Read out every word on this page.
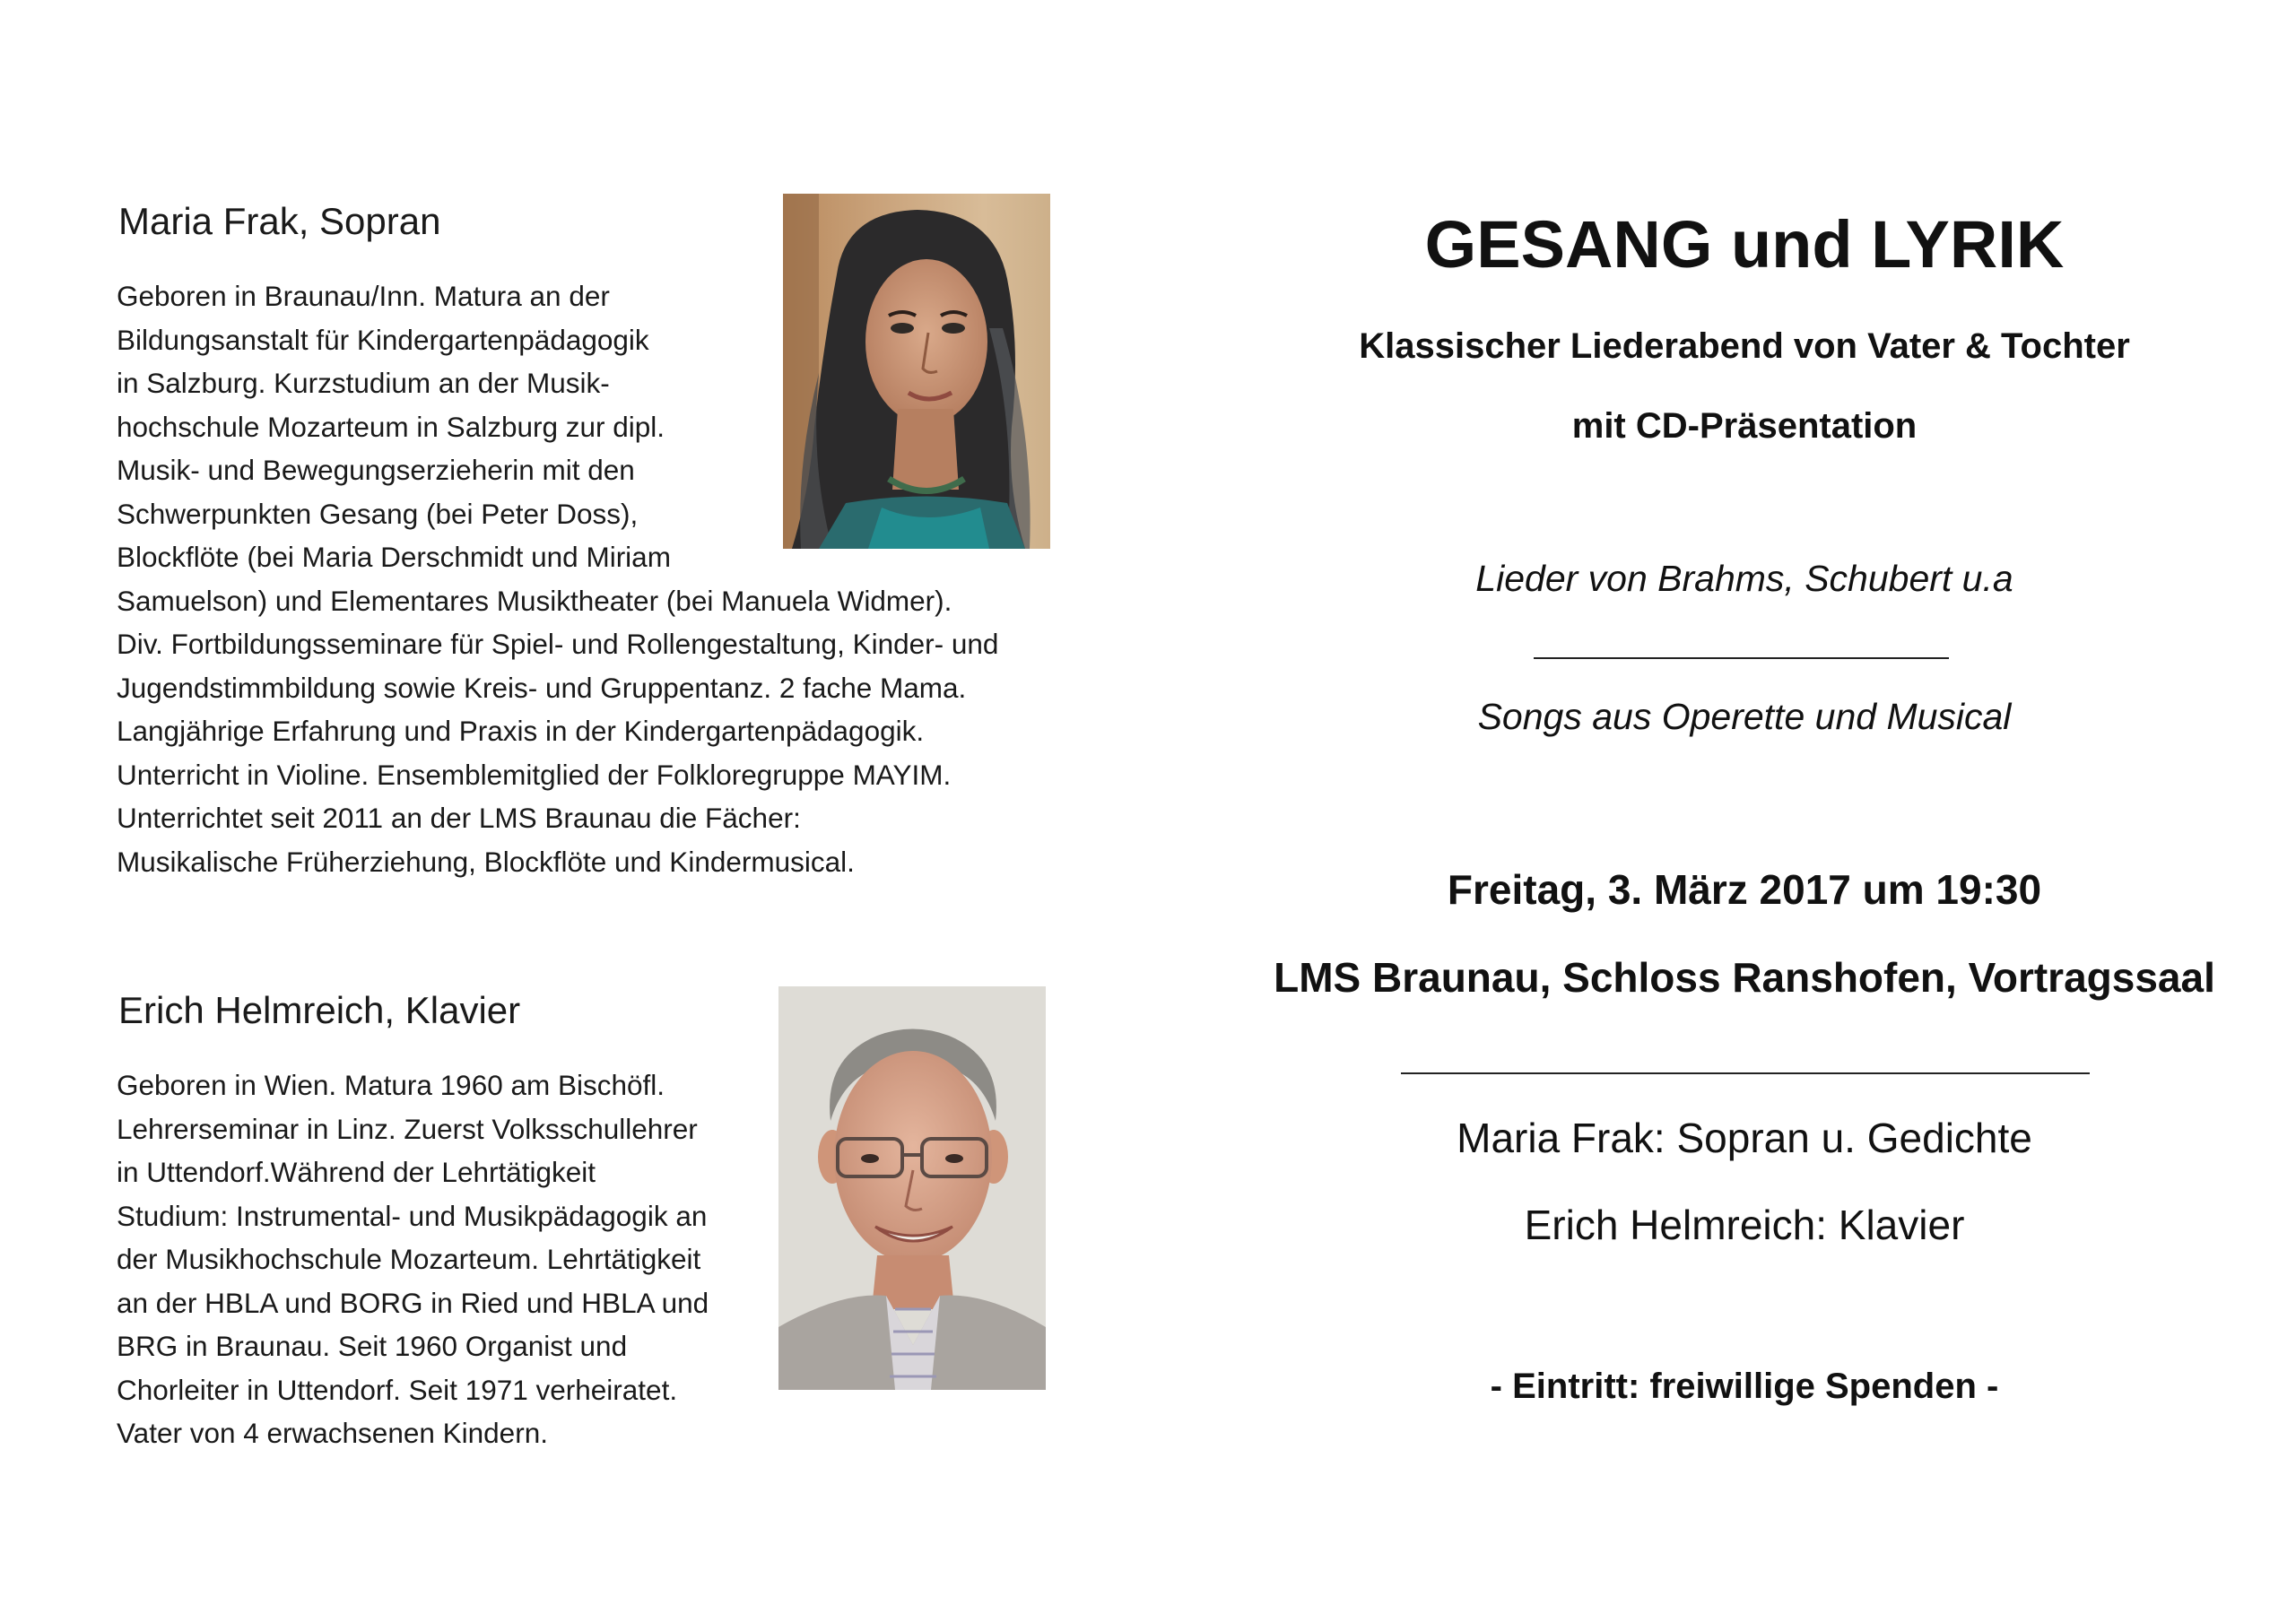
Maria Frak, Sopran

Geboren in Braunau/Inn. Matura an der
Bildungsanstalt für Kindergartenpädagogik
in Salzburg. Kurzstudium an der Musik-
hochschule Mozarteum in Salzburg zur dipl.
Musik- und Bewegungserzieherin mit den
Schwerpunkten Gesang (bei Peter Doss),
Blockflöte (bei Maria Derschmidt und Miriam
Samuelson) und Elementares Musiktheater (bei Manuela Widmer).
Div. Fortbildungsseminare für Spiel- und Rollengestaltung, Kinder- und
Jugendstimmbildung sowie Kreis- und Gruppentanz. 2 fache Mama.
Langjährige Erfahrung und Praxis in der Kindergartenpädagogik.
Unterricht in Violine. Ensemblemitglied der Folkloregruppe MAYIM.
Unterrichtet seit 2011 an der LMS Braunau die Fächer:
Musikalische Früherziehung, Blockflöte und Kindermusical.

Erich Helmreich, Klavier

Geboren in Wien. Matura 1960 am Bischöfl.
Lehrerseminar in Linz. Zuerst Volksschullehrer
in Uttendorf.Während der Lehrtätigkeit
Studium: Instrumental- und Musikpädagogik an
der Musikhochschule Mozarteum. Lehrtätigkeit
an der HBLA und BORG in Ried und HBLA und
BRG in Braunau. Seit 1960 Organist und
Chorleiter in Uttendorf. Seit 1971 verheiratet.
Vater von 4 erwachsenen Kindern.

GESANG und LYRIK
Klassischer Liederabend von Vater & Tochter
mit CD-Präsentation
Lieder von Brahms, Schubert u.a
Songs aus Operette und Musical
Freitag, 3. März 2017 um 19:30
LMS Braunau, Schloss Ranshofen, Vortragssaal
Maria Frak: Sopran u. Gedichte
Erich Helmreich: Klavier
- Eintritt: freiwillige Spenden -
